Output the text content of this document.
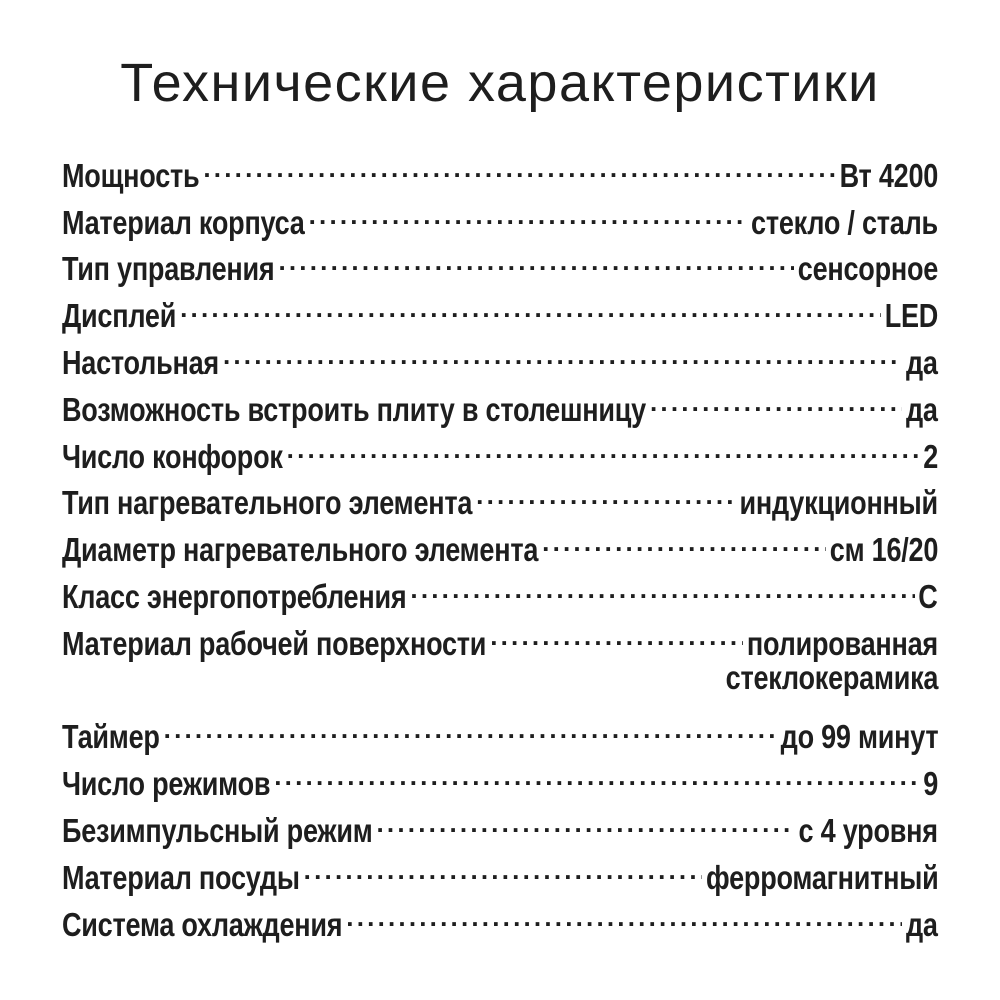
Технические характеристики
Мощность .....	4200 Вт
Материал корпуса .....	стекло / сталь
Тип управления .....	сенсорное
Дисплей .....	LED
Настольная .....	да
Возможность встроить плиту в столешницу .....	да
Число конфорок .....	2
Тип нагревательного элемента .....	индукционный
Диаметр нагревательного элемента .....	16/20 см
Класс энергопотребления .....	C
Материал рабочей поверхности .....	полированная
стеклокерамика
Таймер .....	до 99 минут
Число режимов .....	9
Безимпульсный режим .....	с 4 уровня
Материал посуды .....	ферромагнитный
Система охлаждения .....	да
